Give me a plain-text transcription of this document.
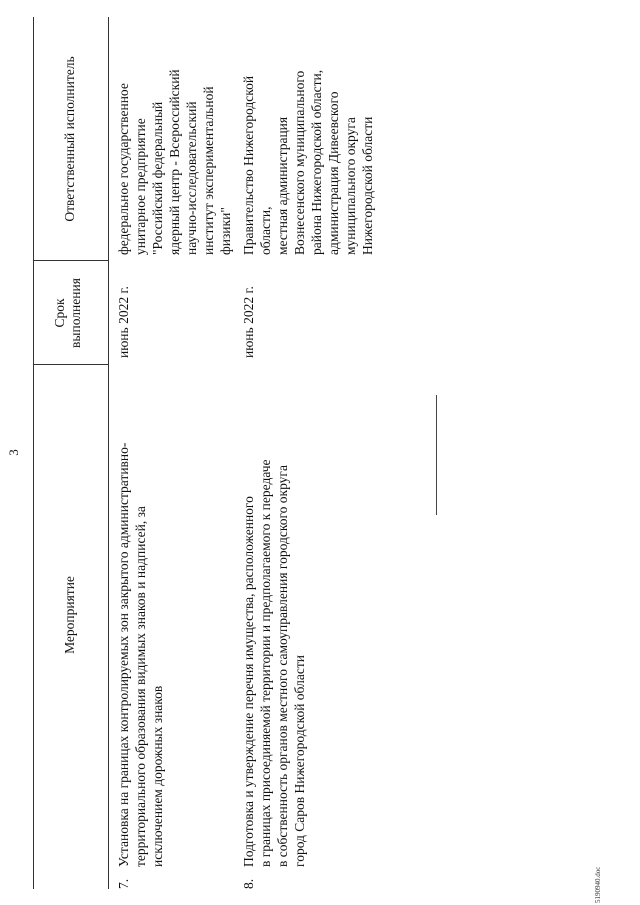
3
Мероприятие
Срок выполнения
Ответственный исполнитель
7.
Установка на границах контролируемых зон закрытого административно- территориального образования видимых знаков и надписей, за исключением дорожных знаков
июнь 2022 г.
федеральное государственное унитарное предприятие "Российский федеральный ядерный центр - Всероссийский научно-исследовательский институт экспериментальной физики"
8.
Подготовка и утверждение перечня имущества, расположенного в границах присоединяемой территории и предполагаемого к передаче в собственность органов местного самоуправления городского округа город Саров Нижегородской области
июнь 2022 г.
Правительство Нижегородской области, местная администрация Вознесенского муниципального района Нижегородской области, администрация Дивеевского муниципального округа Нижегородской области
5190940.doc
